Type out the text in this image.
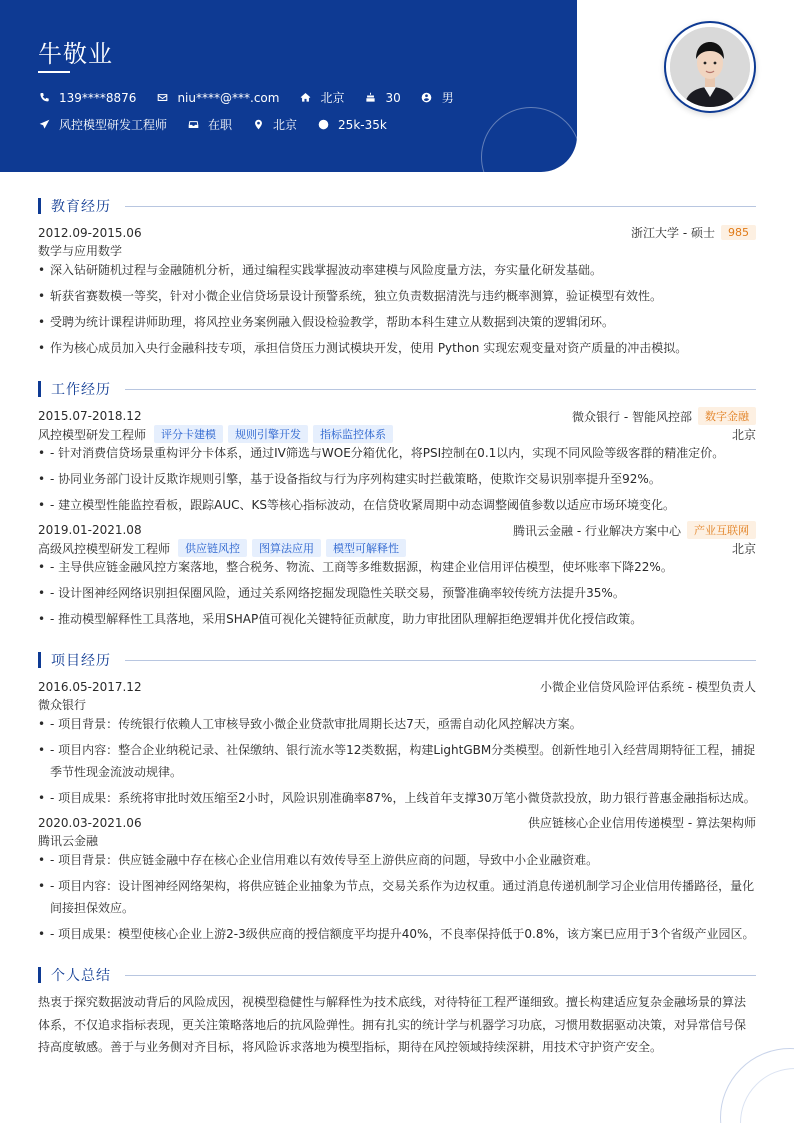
牛敬业
139****8876	niu****@***.com	北京	30	男
风控模型研发工程师	在职	北京	25k-35k
教育经历
2012.09-2015.06	浙江大学 - 硕士	985
数学与应用数学
• 深入钻研随机过程与金融随机分析，通过编程实践掌握波动率建模与风险度量方法，夯实量化研发基础。
• 斩获省赛数模一等奖，针对小微企业信贷场景设计预警系统，独立负责数据清洗与违约概率测算，验证模型有效性。
• 受聘为统计课程讲师助理，将风控业务案例融入假设检验教学，帮助本科生建立从数据到决策的逻辑闭环。
• 作为核心成员加入央行金融科技专项，承担信贷压力测试模块开发，使用 Python 实现宏观变量对资产质量的冲击模拟。
工作经历
2015.07-2018.12	微众银行 - 智能风控部	数字金融
风控模型研发工程师	评分卡建模	规则引擎开发	指标监控体系	北京
• - 针对消费信贷场景重构评分卡体系，通过IV筛选与WOE分箱优化，将PSI控制在0.1以内，实现不同风险等级客群的精准定价。
• - 协同业务部门设计反欺诈规则引擎，基于设备指纹与行为序列构建实时拦截策略，使欺诈交易识别率提升至92%。
• - 建立模型性能监控看板，跟踪AUC、KS等核心指标波动，在信贷收紧周期中动态调整阈值参数以适应市场环境变化。
2019.01-2021.08	腾讯云金融 - 行业解决方案中心	产业互联网
高级风控模型研发工程师	供应链风控	图算法应用	模型可解释性	北京
• - 主导供应链金融风控方案落地，整合税务、物流、工商等多维数据源，构建企业信用评估模型，使坏账率下降22%。
• - 设计图神经网络识别担保圈风险，通过关系网络挖掘发现隐性关联交易，预警准确率较传统方法提升35%。
• - 推动模型解释性工具落地，采用SHAP值可视化关键特征贡献度，助力审批团队理解拒绝逻辑并优化授信政策。
项目经历
2016.05-2017.12	小微企业信贷风险评估系统 - 模型负责人
微众银行
• - 项目背景：传统银行依赖人工审核导致小微企业贷款审批周期长达7天，亟需自动化风控解决方案。
• - 项目内容：整合企业纳税记录、社保缴纳、银行流水等12类数据，构建LightGBM分类模型。创新性地引入经营周期特征工程，捕捉季节性现金流波动规律。
• - 项目成果：系统将审批时效压缩至2小时，风险识别准确率87%，上线首年支撑30万笔小微贷款投放，助力银行普惠金融指标达成。
2020.03-2021.06	供应链核心企业信用传递模型 - 算法架构师
腾讯云金融
• - 项目背景：供应链金融中存在核心企业信用难以有效传导至上游供应商的问题，导致中小企业融资难。
• - 项目内容：设计图神经网络架构，将供应链企业抽象为节点，交易关系作为边权重。通过消息传递机制学习企业信用传播路径，量化间接担保效应。
• - 项目成果：模型使核心企业上游2-3级供应商的授信额度平均提升40%，不良率保持低于0.8%，该方案已应用于3个省级产业园区。
个人总结
热衷于探究数据波动背后的风险成因，视模型稳健性与解释性为技术底线，对待特征工程严谨细致。擅长构建适应复杂金融场景的算法体系，不仅追求指标表现，更关注策略落地后的抗风险弹性。拥有扎实的统计学与机器学习功底，习惯用数据驱动决策，对异常信号保持高度敏感。善于与业务侧对齐目标，将风险诉求落地为模型指标，期待在风控领域持续深耕，用技术守护资产安全。
